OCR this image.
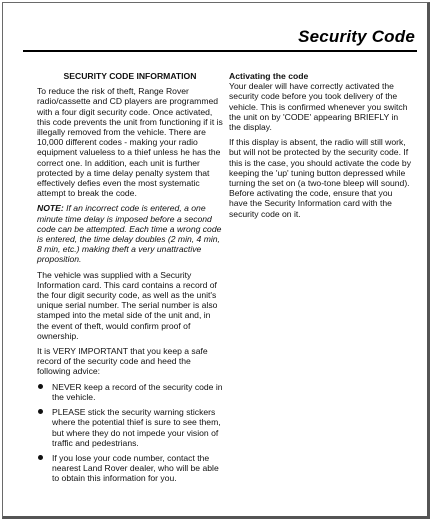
Security Code
SECURITY CODE INFORMATION

To reduce the risk of theft, Range Rover radio/cassette and CD players are programmed with a four digit security code. Once activated, this code prevents the unit from functioning if it is illegally removed from the vehicle. There are 10,000 different codes - making your radio equipment valueless to a thief unless he has the correct one. In addition, each unit is further protected by a time delay penalty system that effectively defies even the most systematic attempt to break the code.

NOTE: If an incorrect code is entered, a one minute time delay is imposed before a second code can be attempted. Each time a wrong code is entered, the time delay doubles (2 min, 4 min, 8 min, etc.) making theft a very unattractive proposition.

The vehicle was supplied with a Security Information card. This card contains a record of the four digit security code, as well as the unit's unique serial number. The serial number is also stamped into the metal side of the unit and, in the event of theft, would confirm proof of ownership.

It is VERY IMPORTANT that you keep a safe record of the security code and heed the following advice:

NEVER keep a record of the security code in the vehicle.
PLEASE stick the security warning stickers where the potential thief is sure to see them, but where they do not impede your vision of traffic and pedestrians.
If you lose your code number, contact the nearest Land Rover dealer, who will be able to obtain this information for you.
Activating the code

Your dealer will have correctly activated the security code before you took delivery of the vehicle. This is confirmed whenever you switch the unit on by 'CODE' appearing BRIEFLY in the display.

If this display is absent, the radio will still work, but will not be protected by the security code. If this is the case, you should activate the code by keeping the 'up' tuning button depressed while turning the set on (a two-tone bleep will sound). Before activating the code, ensure that you have the Security Information card with the security code on it.
